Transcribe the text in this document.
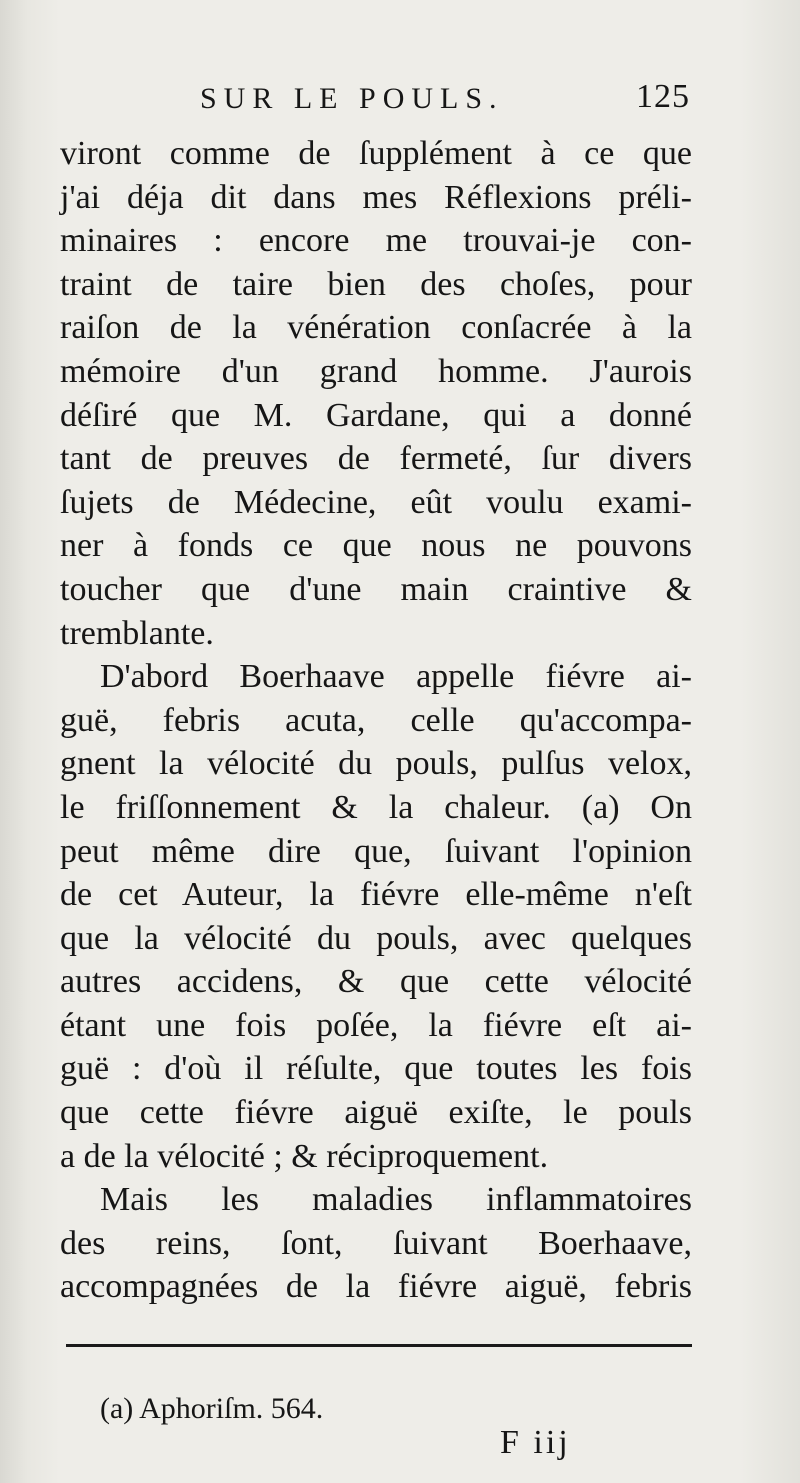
SUR LE POULS.	125
viront comme de ſupplément à ce que
j'ai déja dit dans mes Réflexions préli-
minaires : encore me trouvai-je con-
traint de taire bien des choſes, pour
raiſon de la vénération conſacrée à la
mémoire d'un grand homme. J'aurois
déſiré que M. Gardane, qui a donné
tant de preuves de fermeté, ſur divers
ſujets de Médecine, eût voulu exami-
ner à fonds ce que nous ne pouvons
toucher que d'une main craintive &
tremblante.
D'abord Boerhaave appelle fiévre ai-
guë, febris acuta, celle qu'accompa-
gnent la vélocité du pouls, pulſus velox,
le friſſonnement & la chaleur. (a) On
peut même dire que, ſuivant l'opinion
de cet Auteur, la fiévre elle-même n'eſt
que la vélocité du pouls, avec quelques
autres accidens, & que cette vélocité
étant une fois poſée, la fiévre eſt ai-
guë : d'où il réſulte, que toutes les fois
que cette fiévre aiguë exiſte, le pouls
a de la vélocité ; & réciproquement.
Mais les maladies inflammatoires
des reins, ſont, ſuivant Boerhaave,
accompagnées de la fiévre aiguë, febris
(a) Aphoriſm. 564.
F iij
